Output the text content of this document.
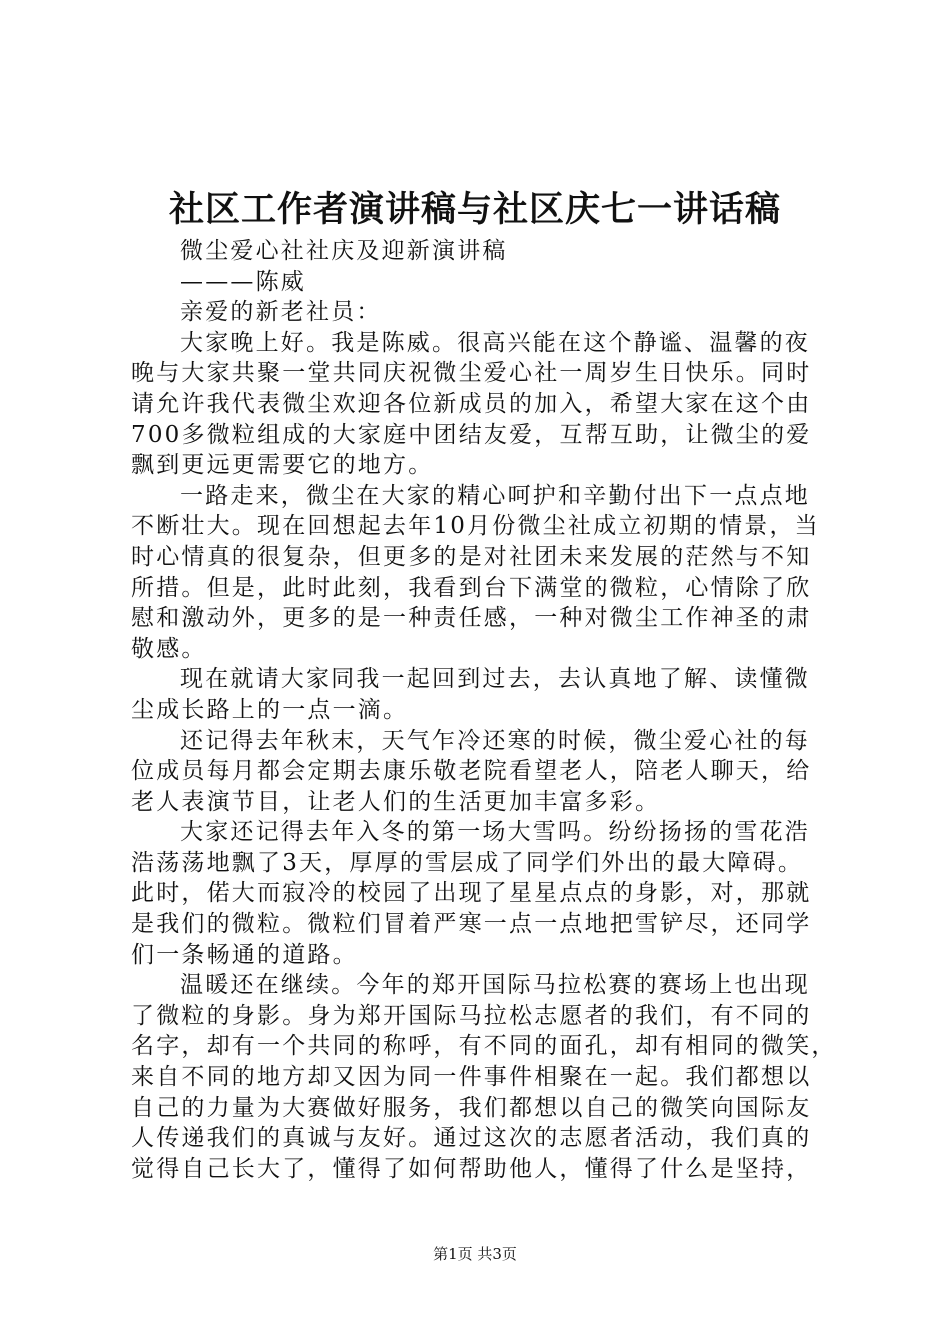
社区工作者演讲稿与社区庆七一讲话稿
微尘爱心社社庆及迎新演讲稿
———陈威
亲爱的新老社员：
大家晚上好。我是陈威。很高兴能在这个静谧、温馨的夜
晚与大家共聚一堂共同庆祝微尘爱心社一周岁生日快乐。同时
请允许我代表微尘欢迎各位新成员的加入，希望大家在这个由
700多微粒组成的大家庭中团结友爱，互帮互助，让微尘的爱
飘到更远更需要它的地方。
一路走来，微尘在大家的精心呵护和辛勤付出下一点点地
不断壮大。现在回想起去年10月份微尘社成立初期的情景，当
时心情真的很复杂，但更多的是对社团未来发展的茫然与不知
所措。但是，此时此刻，我看到台下满堂的微粒，心情除了欣
慰和激动外，更多的是一种责任感，一种对微尘工作神圣的肃
敬感。
现在就请大家同我一起回到过去，去认真地了解、读懂微
尘成长路上的一点一滴。
还记得去年秋末，天气乍冷还寒的时候，微尘爱心社的每
位成员每月都会定期去康乐敬老院看望老人，陪老人聊天，给
老人表演节目，让老人们的生活更加丰富多彩。
大家还记得去年入冬的第一场大雪吗。纷纷扬扬的雪花浩
浩荡荡地飘了3天，厚厚的雪层成了同学们外出的最大障碍。
此时，偌大而寂冷的校园了出现了星星点点的身影，对，那就
是我们的微粒。微粒们冒着严寒一点一点地把雪铲尽，还同学
们一条畅通的道路。
温暖还在继续。今年的郑开国际马拉松赛的赛场上也出现
了微粒的身影。身为郑开国际马拉松志愿者的我们，有不同的
名字，却有一个共同的称呼，有不同的面孔，却有相同的微笑，
来自不同的地方却又因为同一件事件相聚在一起。我们都想以
自己的力量为大赛做好服务，我们都想以自己的微笑向国际友
人传递我们的真诚与友好。通过这次的志愿者活动，我们真的
觉得自己长大了，懂得了如何帮助他人，懂得了什么是坚持，
第1页 共3页
